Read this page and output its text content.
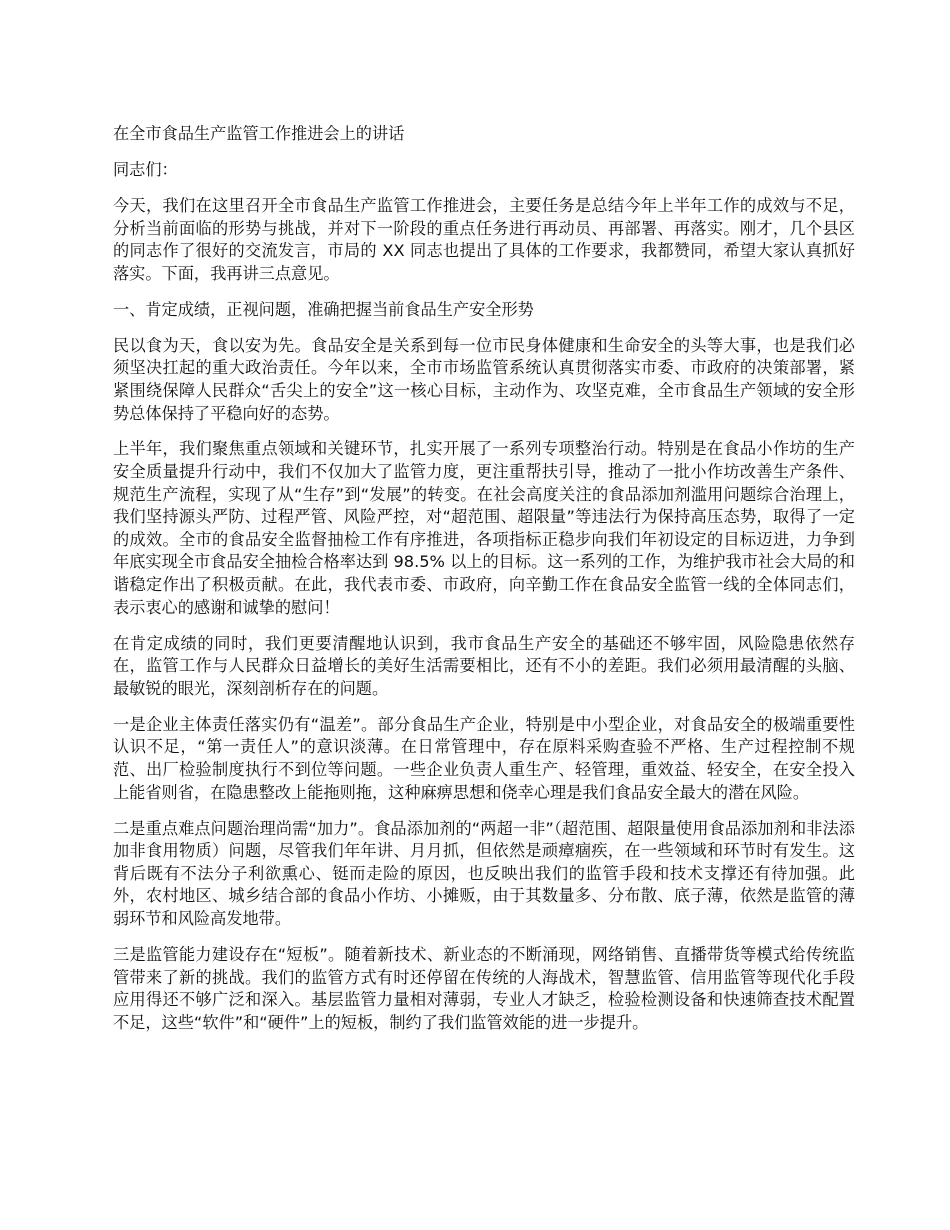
在全市食品生产监管工作推进会上的讲话

同志们：

今天，我们在这里召开全市食品生产监管工作推进会，主要任务是总结今年上半年工作的成效与不足，分析当前面临的形势与挑战，并对下一阶段的重点任务进行再动员、再部署、再落实。刚才，几个县区的同志作了很好的交流发言，市局的 XX 同志也提出了具体的工作要求，我都赞同，希望大家认真抓好落实。下面，我再讲三点意见。

一、肯定成绩，正视问题，准确把握当前食品生产安全形势

民以食为天，食以安为先。食品安全是关系到每一位市民身体健康和生命安全的头等大事，也是我们必须坚决扛起的重大政治责任。今年以来，全市市场监管系统认真贯彻落实市委、市政府的决策部署，紧紧围绕保障人民群众“舌尖上的安全”这一核心目标，主动作为、攻坚克难，全市食品生产领域的安全形势总体保持了平稳向好的态势。

上半年，我们聚焦重点领域和关键环节，扎实开展了一系列专项整治行动。特别是在食品小作坊的生产安全质量提升行动中，我们不仅加大了监管力度，更注重帮扶引导，推动了一批小作坊改善生产条件、规范生产流程，实现了从“生存”到“发展”的转变。在社会高度关注的食品添加剂滥用问题综合治理上，我们坚持源头严防、过程严管、风险严控，对“超范围、超限量”等违法行为保持高压态势，取得了一定的成效。全市的食品安全监督抽检工作有序推进，各项指标正稳步向我们年初设定的目标迈进，力争到年底实现全市食品安全抽检合格率达到 98.5% 以上的目标。这一系列的工作，为维护我市社会大局的和谐稳定作出了积极贡献。在此，我代表市委、市政府，向辛勤工作在食品安全监管一线的全体同志们，表示衷心的感谢和诚挚的慰问！

在肯定成绩的同时，我们更要清醒地认识到，我市食品生产安全的基础还不够牢固，风险隐患依然存在，监管工作与人民群众日益增长的美好生活需要相比，还有不小的差距。我们必须用最清醒的头脑、最敏锐的眼光，深刻剖析存在的问题。

一是企业主体责任落实仍有“温差”。部分食品生产企业，特别是中小型企业，对食品安全的极端重要性认识不足，“第一责任人”的意识淡薄。在日常管理中，存在原料采购查验不严格、生产过程控制不规范、出厂检验制度执行不到位等问题。一些企业负责人重生产、轻管理，重效益、轻安全，在安全投入上能省则省，在隐患整改上能拖则拖，这种麻痹思想和侥幸心理是我们食品安全最大的潜在风险。

二是重点难点问题治理尚需“加力”。食品添加剂的“两超一非”（超范围、超限量使用食品添加剂和非法添加非食用物质）问题，尽管我们年年讲、月月抓，但依然是顽瘴痼疾，在一些领域和环节时有发生。这背后既有不法分子利欲熏心、铤而走险的原因，也反映出我们的监管手段和技术支撑还有待加强。此外，农村地区、城乡结合部的食品小作坊、小摊贩，由于其数量多、分布散、底子薄，依然是监管的薄弱环节和风险高发地带。

三是监管能力建设存在“短板”。随着新技术、新业态的不断涌现，网络销售、直播带货等模式给传统监管带来了新的挑战。我们的监管方式有时还停留在传统的人海战术，智慧监管、信用监管等现代化手段应用得还不够广泛和深入。基层监管力量相对薄弱，专业人才缺乏，检验检测设备和快速筛查技术配置不足，这些“软件”和“硬件”上的短板，制约了我们监管效能的进一步提升。
